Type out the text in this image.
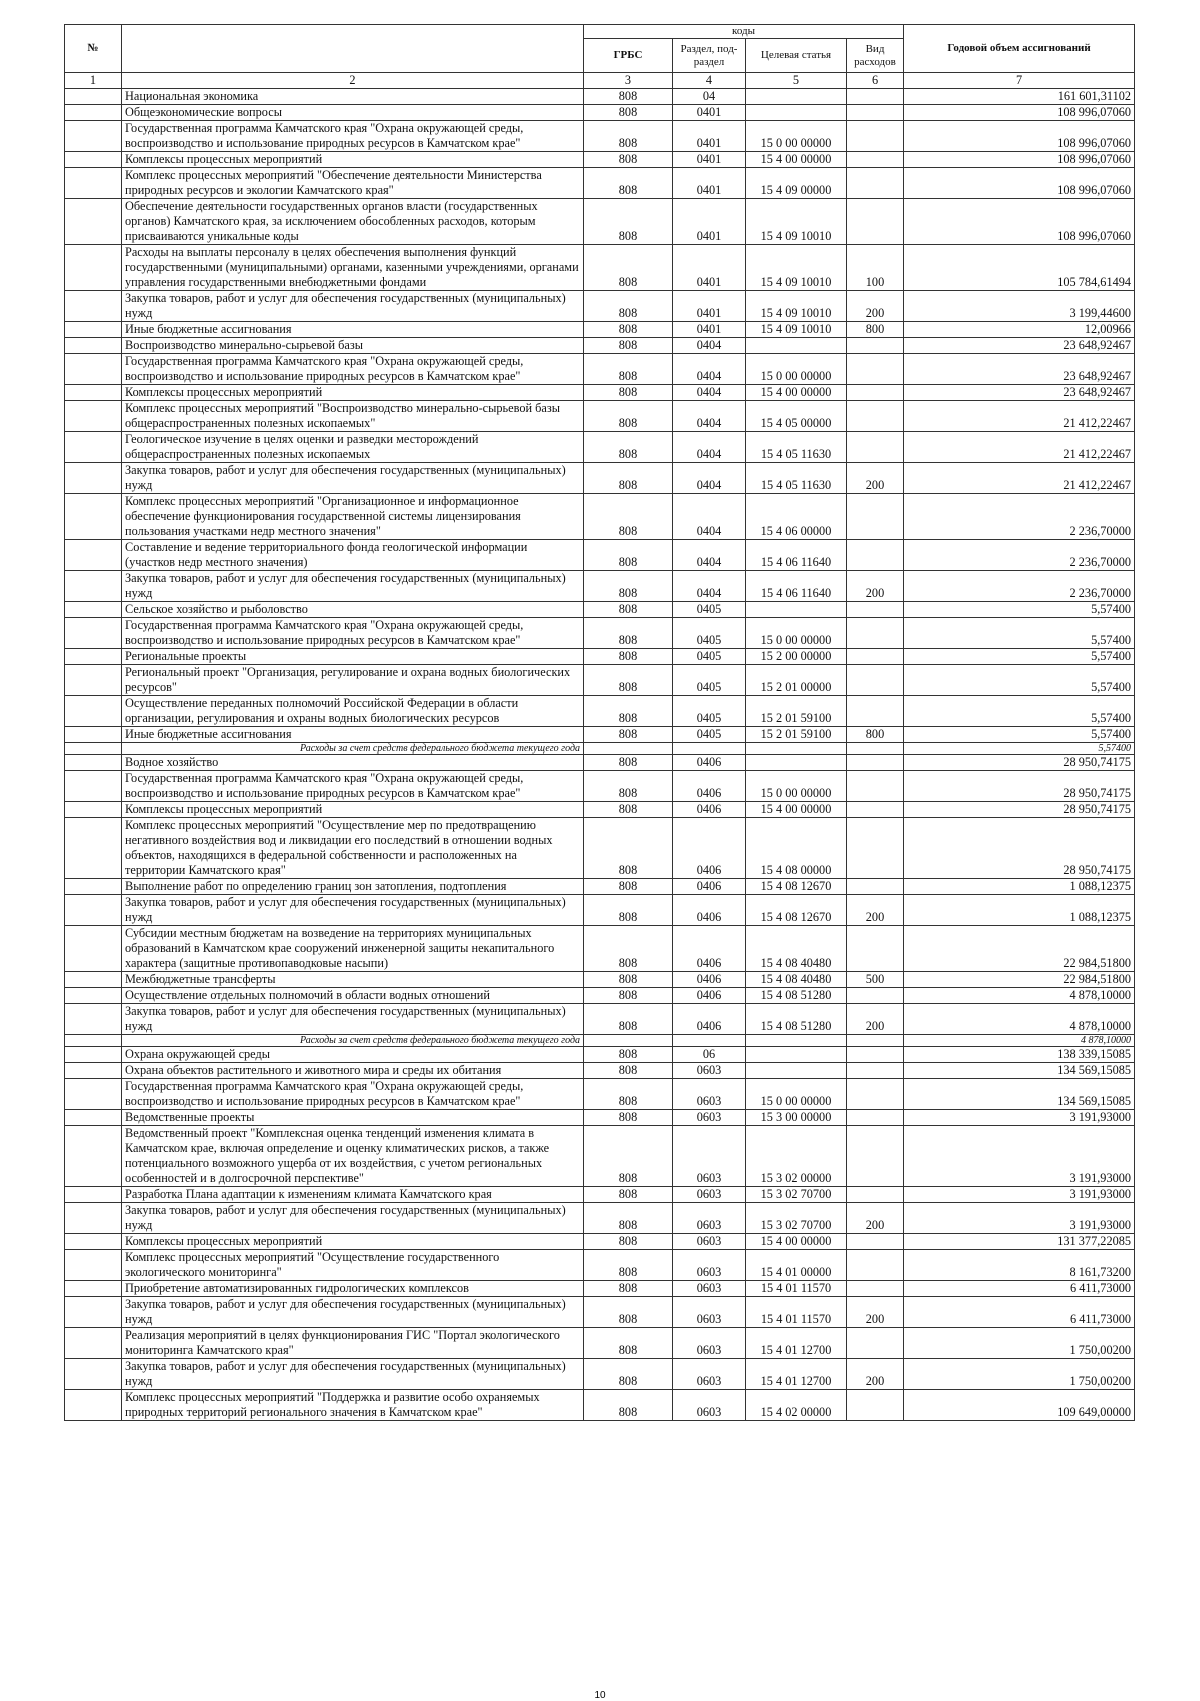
№		коды				Годовой объем ассигнований
		ГРБС	Раздел, под-раздел	Целевая статья	Вид расходов	
1	2	3	4	5	6	7
	Национальная экономика	808	04			161 601,31102
	Общеэкономические вопросы	808	0401			108 996,07060
	Государственная программа Камчатского края "Охрана окружающей среды, воспроизводство и использование природных ресурсов в Камчатском крае"	808	0401	15 0 00 00000		108 996,07060
	Комплексы процессных мероприятий	808	0401	15 4 00 00000		108 996,07060
	Комплекс процессных мероприятий "Обеспечение деятельности Министерства природных ресурсов и экологии Камчатского края"	808	0401	15 4 09 00000		108 996,07060
	Обеспечение деятельности государственных органов власти (государственных органов) Камчатского края, за исключением обособленных расходов, которым присваиваются уникальные коды	808	0401	15 4 09 10010		108 996,07060
	Расходы на выплаты персоналу в целях обеспечения выполнения функций государственными (муниципальными) органами, казенными учреждениями, органами управления государственными внебюджетными фондами	808	0401	15 4 09 10010	100	105 784,61494
	Закупка товаров, работ и услуг для обеспечения государственных (муниципальных) нужд	808	0401	15 4 09 10010	200	3 199,44600
	Иные бюджетные ассигнования	808	0401	15 4 09 10010	800	12,00966
	Воспроизводство минерально-сырьевой базы	808	0404			23 648,92467
	Государственная программа Камчатского края "Охрана окружающей среды, воспроизводство и использование природных ресурсов в Камчатском крае"	808	0404	15 0 00 00000		23 648,92467
	Комплексы процессных мероприятий	808	0404	15 4 00 00000		23 648,92467
	Комплекс процессных мероприятий "Воспроизводство минерально-сырьевой базы общераспространенных полезных ископаемых"	808	0404	15 4 05 00000		21 412,22467
	Геологическое изучение в целях оценки и разведки месторождений общераспространенных полезных ископаемых	808	0404	15 4 05 11630		21 412,22467
	Закупка товаров, работ и услуг для обеспечения государственных (муниципальных) нужд	808	0404	15 4 05 11630	200	21 412,22467
	Комплекс процессных мероприятий "Организационное и информационное обеспечение функционирования государственной системы лицензирования пользования участками недр местного значения"	808	0404	15 4 06 00000		2 236,70000
	Составление и ведение территориального фонда геологической информации (участков недр местного значения)	808	0404	15 4 06 11640		2 236,70000
	Закупка товаров, работ и услуг для обеспечения государственных (муниципальных) нужд	808	0404	15 4 06 11640	200	2 236,70000
	Сельское хозяйство и рыболовство	808	0405			5,57400
	Государственная программа Камчатского края "Охрана окружающей среды, воспроизводство и использование природных ресурсов в Камчатском крае"	808	0405	15 0 00 00000		5,57400
	Региональные проекты	808	0405	15 2 00 00000		5,57400
	Региональный проект "Организация, регулирование и охрана водных биологических ресурсов"	808	0405	15 2 01 00000		5,57400
	Осуществление переданных полномочий Российской Федерации в области организации, регулирования и охраны водных биологических ресурсов	808	0405	15 2 01 59100		5,57400
	Иные бюджетные ассигнования	808	0405	15 2 01 59100	800	5,57400
	Расходы за счет средств федерального бюджета текущего года					5,57400
	Водное хозяйство	808	0406			28 950,74175
	Государственная программа Камчатского края "Охрана окружающей среды, воспроизводство и использование природных ресурсов в Камчатском крае"	808	0406	15 0 00 00000		28 950,74175
	Комплексы процессных мероприятий	808	0406	15 4 00 00000		28 950,74175
	Комплекс процессных мероприятий "Осуществление мер по предотвращению негативного воздействия вод и ликвидации его последствий в отношении водных объектов, находящихся в федеральной собственности и расположенных на территории Камчатского края"	808	0406	15 4 08 00000		28 950,74175
	Выполнение работ по определению границ зон затопления, подтопления	808	0406	15 4 08 12670		1 088,12375
	Закупка товаров, работ и услуг для обеспечения государственных (муниципальных) нужд	808	0406	15 4 08 12670	200	1 088,12375
	Субсидии местным бюджетам на возведение на территориях муниципальных образований в Камчатском крае сооружений инженерной защиты некапитального характера (защитные противопаводковые насыпи)	808	0406	15 4 08 40480		22 984,51800
	Межбюджетные трансферты	808	0406	15 4 08 40480	500	22 984,51800
	Осуществление отдельных полномочий в области водных отношений	808	0406	15 4 08 51280		4 878,10000
	Закупка товаров, работ и услуг для обеспечения государственных (муниципальных) нужд	808	0406	15 4 08 51280	200	4 878,10000
	Расходы за счет средств федерального бюджета текущего года					4 878,10000
	Охрана окружающей среды	808	06			138 339,15085
	Охрана объектов растительного и животного мира и среды их обитания	808	0603			134 569,15085
	Государственная программа Камчатского края "Охрана окружающей среды, воспроизводство и использование природных ресурсов в Камчатском крае"	808	0603	15 0 00 00000		134 569,15085
	Ведомственные проекты	808	0603	15 3 00 00000		3 191,93000
	Ведомственный проект "Комплексная оценка тенденций изменения климата в Камчатском крае, включая определение и оценку климатических рисков, а также потенциального возможного ущерба от их воздействия, с учетом региональных особенностей и в долгосрочной перспективе"	808	0603	15 3 02 00000		3 191,93000
	Разработка Плана адаптации к изменениям климата Камчатского края	808	0603	15 3 02 70700		3 191,93000
	Закупка товаров, работ и услуг для обеспечения государственных (муниципальных) нужд	808	0603	15 3 02 70700	200	3 191,93000
	Комплексы процессных мероприятий	808	0603	15 4 00 00000		131 377,22085
	Комплекс процессных мероприятий "Осуществление государственного экологического мониторинга"	808	0603	15 4 01 00000		8 161,73200
	Приобретение автоматизированных гидрологических комплексов	808	0603	15 4 01 11570		6 411,73000
	Закупка товаров, работ и услуг для обеспечения государственных (муниципальных) нужд	808	0603	15 4 01 11570	200	6 411,73000
	Реализация мероприятий в целях функционирования ГИС "Портал экологического мониторинга Камчатского края"	808	0603	15 4 01 12700		1 750,00200
	Закупка товаров, работ и услуг для обеспечения государственных (муниципальных) нужд	808	0603	15 4 01 12700	200	1 750,00200
	Комплекс процессных мероприятий "Поддержка и развитие особо охраняемых природных территорий регионального значения в Камчатском крае"	808	0603	15 4 02 00000		109 649,00000
10
